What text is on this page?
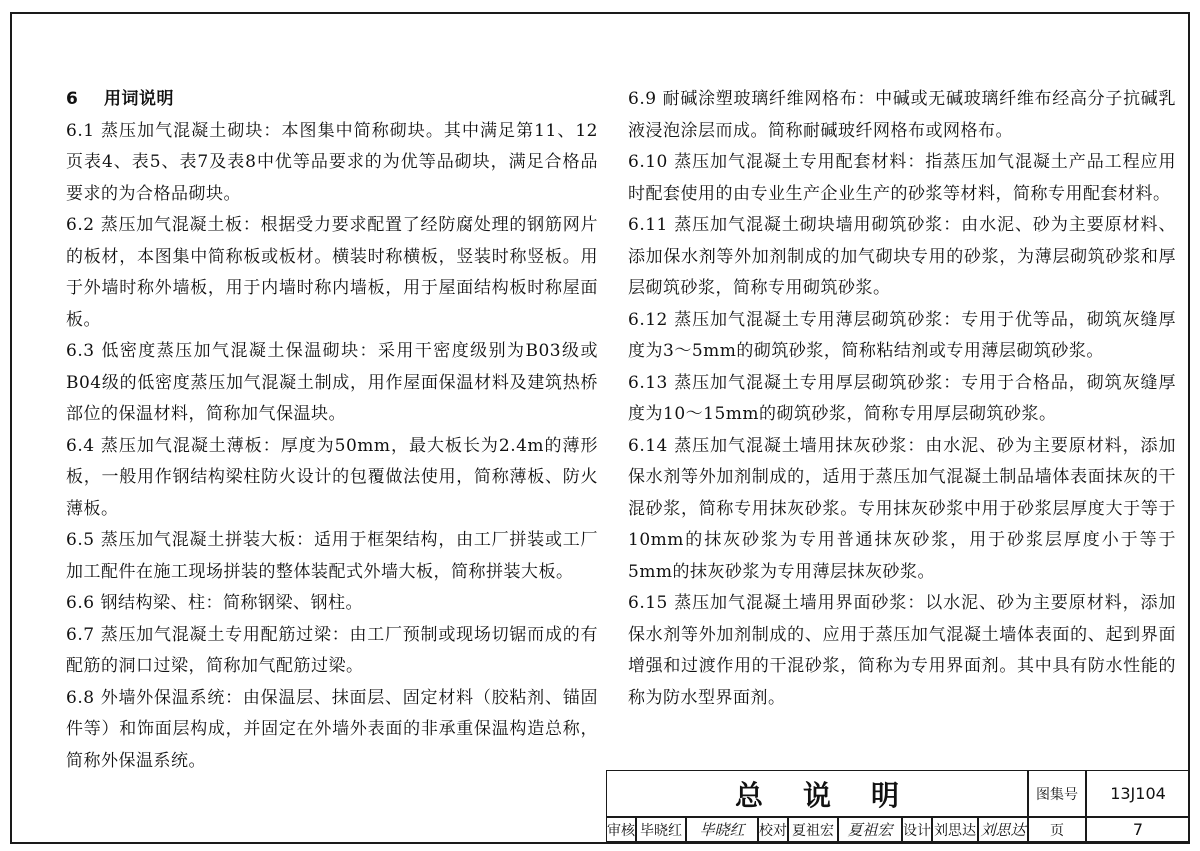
6 用词说明
6.1 蒸压加气混凝土砌块：本图集中简称砌块。其中满足第11、12页表4、表5、表7及表8中优等品要求的为优等品砌块，满足合格品要求的为合格品砌块。
6.2 蒸压加气混凝土板：根据受力要求配置了经防腐处理的钢筋网片的板材，本图集中简称板或板材。横装时称横板，竖装时称竖板。用于外墙时称外墙板，用于内墙时称内墙板，用于屋面结构板时称屋面板。
6.3 低密度蒸压加气混凝土保温砌块：采用干密度级别为B03级或B04级的低密度蒸压加气混凝土制成，用作屋面保温材料及建筑热桥部位的保温材料，简称加气保温块。
6.4 蒸压加气混凝土薄板：厚度为50mm，最大板长为2.4m的薄形板，一般用作钢结构梁柱防火设计的包覆做法使用，简称薄板、防火薄板。
6.5 蒸压加气混凝土拼装大板：适用于框架结构，由工厂拼装或工厂加工配件在施工现场拼装的整体装配式外墙大板，简称拼装大板。
6.6 钢结构梁、柱：简称钢梁、钢柱。
6.7 蒸压加气混凝土专用配筋过梁：由工厂预制或现场切锯而成的有配筋的洞口过梁，简称加气配筋过梁。
6.8 外墙外保温系统：由保温层、抹面层、固定材料（胶粘剂、锚固件等）和饰面层构成，并固定在外墙外表面的非承重保温构造总称，简称外保温系统。
6.9 耐碱涂塑玻璃纤维网格布：中碱或无碱玻璃纤维布经高分子抗碱乳液浸泡涂层而成。简称耐碱玻纤网格布或网格布。
6.10 蒸压加气混凝土专用配套材料：指蒸压加气混凝土产品工程应用时配套使用的由专业生产企业生产的砂浆等材料，简称专用配套材料。
6.11 蒸压加气混凝土砌块墙用砌筑砂浆：由水泥、砂为主要原材料、添加保水剂等外加剂制成的加气砌块专用的砂浆，为薄层砌筑砂浆和厚层砌筑砂浆，简称专用砌筑砂浆。
6.12 蒸压加气混凝土专用薄层砌筑砂浆：专用于优等品，砌筑灰缝厚度为3～5mm的砌筑砂浆，简称粘结剂或专用薄层砌筑砂浆。
6.13 蒸压加气混凝土专用厚层砌筑砂浆：专用于合格品，砌筑灰缝厚度为10～15mm的砌筑砂浆，简称专用厚层砌筑砂浆。
6.14 蒸压加气混凝土墙用抹灰砂浆：由水泥、砂为主要原材料，添加保水剂等外加剂制成的，适用于蒸压加气混凝土制品墙体表面抹灰的干混砂浆，简称专用抹灰砂浆。专用抹灰砂浆中用于砂浆层厚度大于等于10mm的抹灰砂浆为专用普通抹灰砂浆，用于砂浆层厚度小于等于5mm的抹灰砂浆为专用薄层抹灰砂浆。
6.15 蒸压加气混凝土墙用界面砂浆：以水泥、砂为主要原材料，添加保水剂等外加剂制成的、应用于蒸压加气混凝土墙体表面的、起到界面增强和过渡作用的干混砂浆，简称为专用界面剂。其中具有防水性能的称为防水型界面剂。
总说明	图集号	13J104
审核 毕晓红	毕晓红	校对 夏祖宏 夏祖宏 设计 刘思达 刘思达	页	7
